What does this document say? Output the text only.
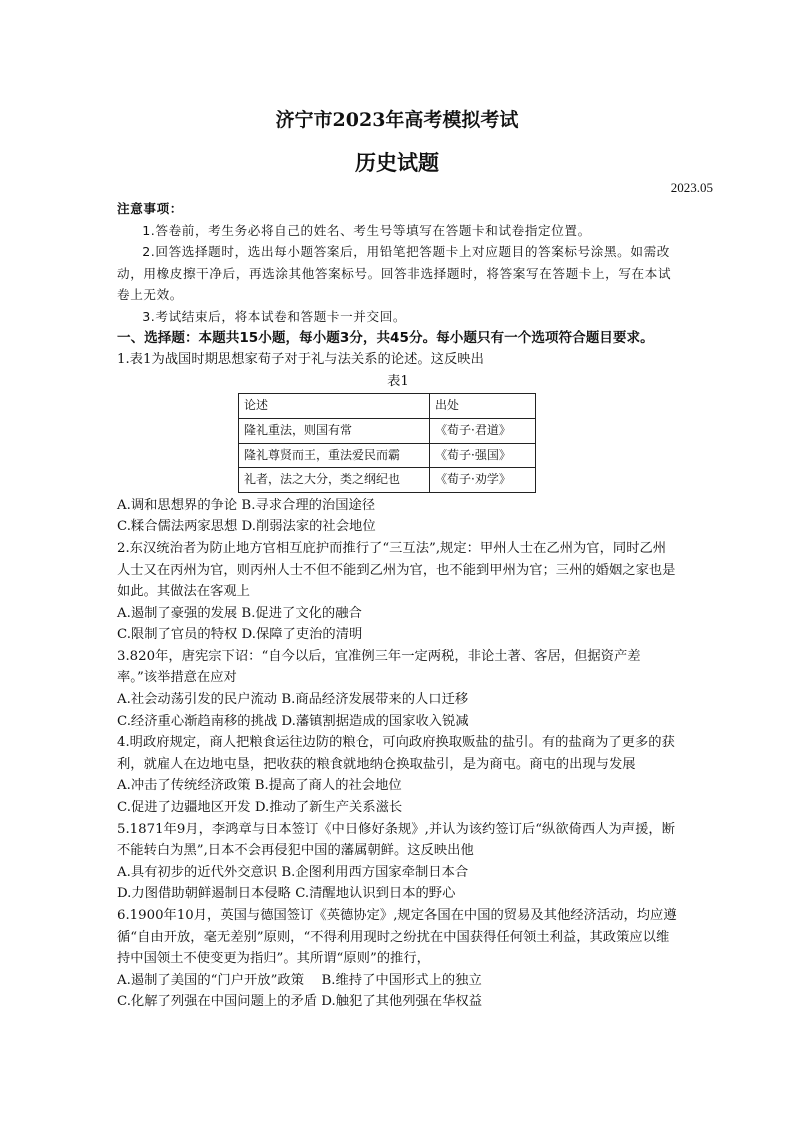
济宁市2023年高考模拟考试
历史试题
2023.05

注意事项：

1.答卷前，考生务必将自己的姓名、考生号等填写在答题卡和试卷指定位置。

2.回答选择题时，选出每小题答案后，用铅笔把答题卡上对应题目的答案标号涂黑。如需改动，用橡皮擦干净后，再选涂其他答案标号。回答非选择题时，将答案写在答题卡上，写在本试卷上无效。

3.考试结束后，将本试卷和答题卡一并交回。

一、选择题：本题共15小题，每小题3分，共45分。每小题只有一个选项符合题目要求。

1.表1为战国时期思想家荀子对于礼与法关系的论述。这反映出

表1

论述	出处
隆礼重法，则国有常	《荀子·君道》
隆礼尊贤而王，重法爱民而霸	《荀子·强国》
礼者，法之大分，类之纲纪也	《荀子·劝学》

A.调和思想界的争论 B.寻求合理的治国途径

C.糅合儒法两家思想 D.削弱法家的社会地位

2.东汉统治者为防止地方官相互庇护而推行了“三互法”,规定：甲州人士在乙州为官，同时乙州人士又在丙州为官，则丙州人士不但不能到乙州为官，也不能到甲州为官；三州的婚姻之家也是如此。其做法在客观上

A.遏制了豪强的发展 B.促进了文化的融合

C.限制了官员的特权 D.保障了吏治的清明

3.820年，唐宪宗下诏：“自今以后，宜准例三年一定两税，非论土著、客居，但据资产差率。”该举措意在应对

A.社会动荡引发的民户流动 B.商品经济发展带来的人口迁移

C.经济重心渐趋南移的挑战 D.藩镇割据造成的国家收入锐减

4.明政府规定，商人把粮食运往边防的粮仓，可向政府换取贩盐的盐引。有的盐商为了更多的获利，就雇人在边地屯垦，把收获的粮食就地纳仓换取盐引，是为商屯。商屯的出现与发展

A.冲击了传统经济政策 B.提高了商人的社会地位

C.促进了边疆地区开发 D.推动了新生产关系滋长

5.1871年9月，李鸿章与日本签订《中日修好条规》,并认为该约签订后“纵欲倚西人为声援，断不能转白为黑”,日本不会再侵犯中国的藩属朝鲜。这反映出他

A.具有初步的近代外交意识 B.企图利用西方国家牵制日本合

D.力图借助朝鲜遏制日本侵略 C.清醒地认识到日本的野心

6.1900年10月，英国与德国签订《英德协定》,规定各国在中国的贸易及其他经济活动，均应遵循“自由开放，毫无差别”原则，“不得利用现时之纷扰在中国获得任何领土利益，其政策应以维持中国领土不使变更为指归”。其所谓“原则”的推行，

A.遏制了美国的“门户开放”政策　 B.维持了中国形式上的独立

C.化解了列强在中国问题上的矛盾 D.触犯了其他列强在华权益
